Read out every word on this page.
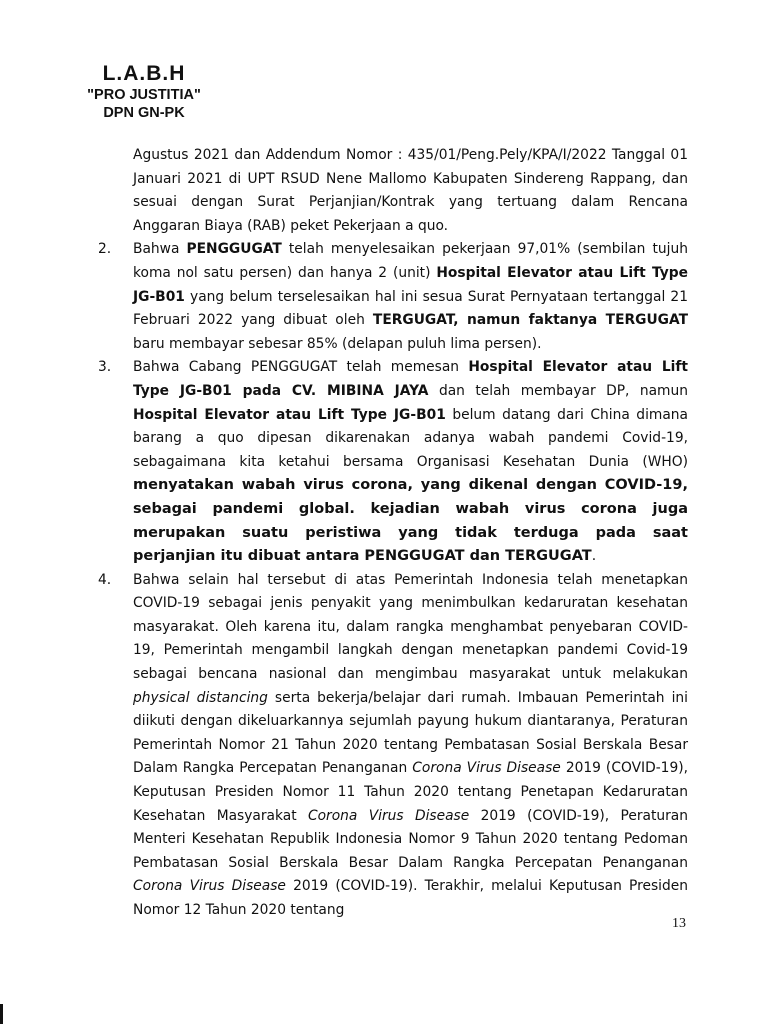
L.A.B.H
"PRO JUSTITIA"
DPN GN-PK
Agustus 2021 dan Addendum Nomor : 435/01/Peng.Pely/KPA/I/2022 Tanggal 01 Januari 2021 di UPT RSUD Nene Mallomo Kabupaten Sindereng Rappang, dan sesuai dengan Surat Perjanjian/Kontrak yang tertuang dalam Rencana Anggaran Biaya (RAB) peket Pekerjaan a quo.
2. Bahwa PENGGUGAT telah menyelesaikan pekerjaan 97,01% (sembilan tujuh koma nol satu persen) dan hanya 2 (unit) Hospital Elevator atau Lift Type JG-B01 yang belum terselesaikan hal ini sesua Surat Pernyataan tertanggal 21 Februari 2022 yang dibuat oleh TERGUGAT, namun faktanya TERGUGAT baru membayar sebesar 85% (delapan puluh lima persen).
3. Bahwa Cabang PENGGUGAT telah memesan Hospital Elevator atau Lift Type JG-B01 pada CV. MIBINA JAYA dan telah membayar DP, namun Hospital Elevator atau Lift Type JG-B01 belum datang dari China dimana barang a quo dipesan dikarenakan adanya wabah pandemi Covid-19, sebagaimana kita ketahui bersama Organisasi Kesehatan Dunia (WHO) menyatakan wabah virus corona, yang dikenal dengan COVID-19, sebagai pandemi global. kejadian wabah virus corona juga merupakan suatu peristiwa yang tidak terduga pada saat perjanjian itu dibuat antara PENGGUGAT dan TERGUGAT.
4. Bahwa selain hal tersebut di atas Pemerintah Indonesia telah menetapkan COVID-19 sebagai jenis penyakit yang menimbulkan kedaruratan kesehatan masyarakat. Oleh karena itu, dalam rangka menghambat penyebaran COVID-19, Pemerintah mengambil langkah dengan menetapkan pandemi Covid-19 sebagai bencana nasional dan mengimbau masyarakat untuk melakukan physical distancing serta bekerja/belajar dari rumah. Imbauan Pemerintah ini diikuti dengan dikeluarkannya sejumlah payung hukum diantaranya, Peraturan Pemerintah Nomor 21 Tahun 2020 tentang Pembatasan Sosial Berskala Besar Dalam Rangka Percepatan Penanganan Corona Virus Disease 2019 (COVID-19), Keputusan Presiden Nomor 11 Tahun 2020 tentang Penetapan Kedaruratan Kesehatan Masyarakat Corona Virus Disease 2019 (COVID-19), Peraturan Menteri Kesehatan Republik Indonesia Nomor 9 Tahun 2020 tentang Pedoman Pembatasan Sosial Berskala Besar Dalam Rangka Percepatan Penanganan Corona Virus Disease 2019 (COVID-19). Terakhir, melalui Keputusan Presiden Nomor 12 Tahun 2020 tentang
13
